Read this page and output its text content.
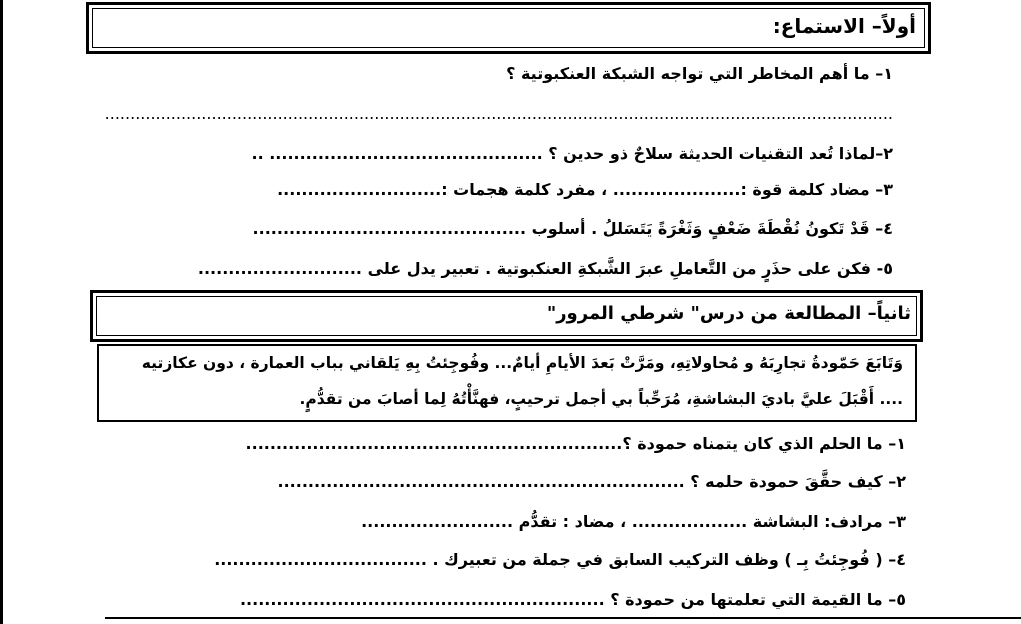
أولاً– الاستماع:
١– ما أهم المخاطر التي تواجه الشبكة العنكبوتية ؟
...........................................................................................................................................................
٢–لماذا تُعد التقنيات الحديثة سلاحٌ ذو حدين ؟ ............................................. ..
٣– مضاد كلمة قوة :..................... ، مفرد كلمة هجمات :...........................
٤– قَدْ تَكونُ نُقْطَةَ ضَعْفٍ وَثَغْرَةً يَتَسَللُ . أسلوب .............................................
٥- فكن على حذَرٍ من التَّعاملِ عبرَ الشَّبكةِ العنكبوتية . تعبير يدل على ...........................
ثانياً– المطالعة من درس" شرطي المرور"
وَتَابَعَ حَمّودةُ تجارِبَهُ و مُحاولاتِهِ، ومَرَّتْ بَعدَ الأيامِ أيامٌ... وفُوجِئتُ بِهِ يَلقاني بباب العمارة ، دون عكازتيه
.... أَقْبَلَ عليَّ باديَ البشاشةِ، مُرَحِّباً بي أجمل ترحيبٍ، فهنَّأْتُهُ لِما أصابَ من تقدُّمٍ.
١– ما الحلم الذي كان يتمناه حمودة ؟..............................................................
٢– كيف حقَّقَ حمودة حلمه ؟ ...................................................................
٣– مرادف: البشاشة ................... ، مضاد : تقدُّم .........................
٤– ( فُوجِئتُ بِـ ) وظف التركيب السابق في جملة من تعبيرك . ...................................
٥– ما القيمة التي تعلمتها من حمودة ؟ ............................................................
